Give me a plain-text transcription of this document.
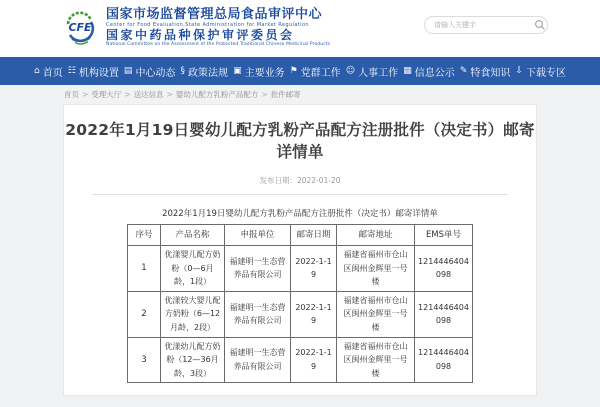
CFE
国家市场监督管理总局食品审评中心
Center for Food Evaluation,State Administration for Market Regulation
国家中药品种保护审评委员会
National Committee on the Assessment of the Protected Traditional Chinese Medicinal Products
请输入关键字
⌂ 首页 ☷ 机构设置 ▤ 中心动态 § 政策法规 ▣ 主要业务 ⚑ 党群工作 ☺ 人事工作 ▦ 信息公示 ✎ 特食知识 ⇩ 下载专区
首页 > 受理大厅 > 送达信息 > 婴幼儿配方乳粉产品配方 > 批件邮寄
2022年1月19日婴幼儿配方乳粉产品配方注册批件（决定书）邮寄详情单
发布日期：2022-01-20
2022年1月19日婴幼儿配方乳粉产品配方注册批件（决定书）邮寄详情单
序号	产品名称	申报单位	邮寄日期	邮寄地址	EMS单号
1	优漾婴儿配方奶粉（0—6月龄，1段）	福建明一生态营养品有限公司	2022-1-19	福建省福州市仓山区闽州金辉里一号楼	1214446404098
2	优漾较大婴儿配方奶粉（6—12月龄，2段）	福建明一生态营养品有限公司	2022-1-19	福建省福州市仓山区闽州金辉里一号楼	1214446404098
3	优漾幼儿配方奶粉（12—36月龄，3段）	福建明一生态营养品有限公司	2022-1-19	福建省福州市仓山区闽州金辉里一号楼	1214446404098
